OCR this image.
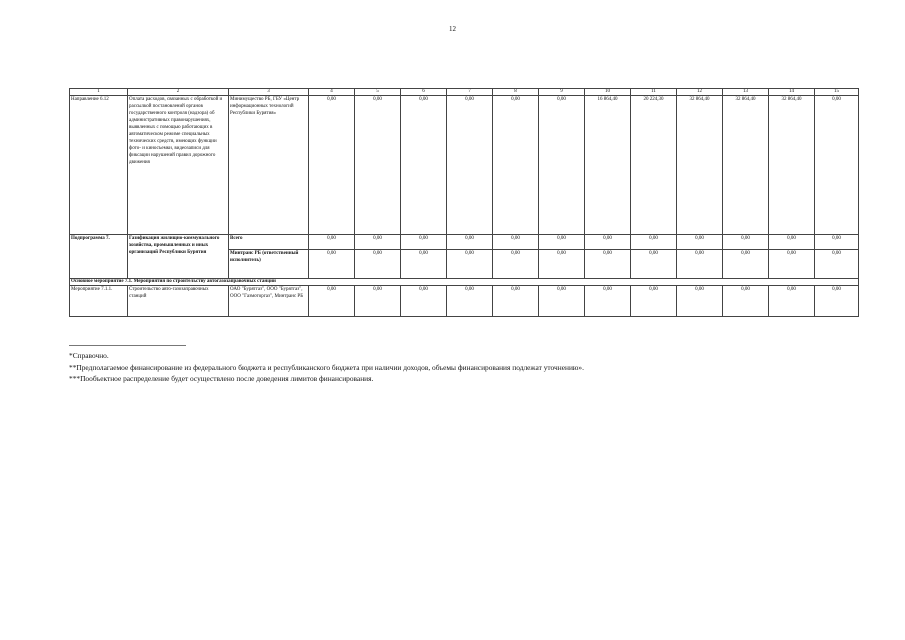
12
1	2	3	4	5	6	7	8	9	10	11	12	13	14	15
Направление 6.12	Оплата расходов, связанных с обработкой и рассылкой постановлений органов государственного контроля (надзора) об административных правонарушениях, выявленных с помощью работающих в автоматическом режиме специальных технических средств, имеющих функции фото- и киносъемки, видеозаписи для фиксации нарушений правил дорожного движения	Минимущество РБ, ГБУ «Центр информационных технологий Республики Бурятия»	0,00	0,00	0,00	0,00	0,00	0,00	16 864,40	20 224,30	32 864,40	32 864,40	32 864,40	0,00
Подпрограмма 7.	Газификация жилищно-коммунального хозяйства, промышленных и иных организаций Республики Бурятия	Всего	0,00	0,00	0,00	0,00	0,00	0,00	0,00	0,00	0,00	0,00	0,00	0,00
		Минтранс РБ (ответственный исполнитель)	0,00	0,00	0,00	0,00	0,00	0,00	0,00	0,00	0,00	0,00	0,00	0,00
Основное мероприятие 7.1. Мероприятия по строительству автогазозаправочных станций														
Мероприятие 7.1.1.	Строительство авто-газозаправочных станций	ОАО "Бурятгаз", ООО "Бурятгаз", ООО "Газмоторгаз", Минтранс РБ	0,00	0,00	0,00	0,00	0,00	0,00	0,00	0,00	0,00	0,00	0,00	0,00
*Справочно.
**Предполагаемое финансирование из федерального бюджета и республиканского бюджета при наличии доходов, объемы финансирования подлежат уточнению».
***Пообъектное распределение будет осуществлено после доведения лимитов финансирования.
